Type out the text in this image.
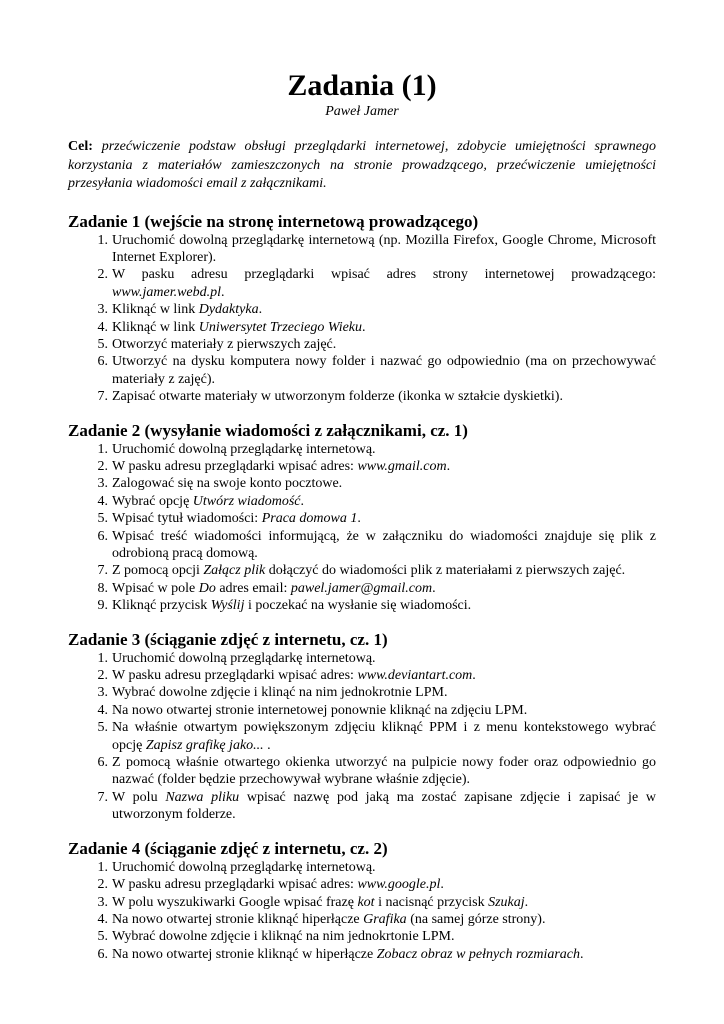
Zadania (1)

Paweł Jamer

Cel: przećwiczenie podstaw obsługi przeglądarki internetowej, zdobycie umiejętności sprawnego korzystania z materiałów zamieszczonych na stronie prowadzącego, przećwiczenie umiejętności przesyłania wiadomości email z załącznikami.

Zadanie 1 (wejście na stronę internetową prowadzącego)
1. Uruchomić dowolną przeglądarkę internetową (np. Mozilla Firefox, Google Chrome, Microsoft Internet Explorer).
2. W pasku adresu przeglądarki wpisać adres strony internetowej prowadzącego: www.jamer.webd.pl.
3. Kliknąć w link Dydaktyka.
4. Kliknąć w link Uniwersytet Trzeciego Wieku.
5. Otworzyć materiały z pierwszych zajęć.
6. Utworzyć na dysku komputera nowy folder i nazwać go odpowiednio (ma on przechowywać materiały z zajęć).
7. Zapisać otwarte materiały w utworzonym folderze (ikonka w ształcie dyskietki).
Zadanie 2 (wysyłanie wiadomości z załącznikami, cz. 1)
1. Uruchomić dowolną przeglądarkę internetową.
2. W pasku adresu przeglądarki wpisać adres: www.gmail.com.
3. Zalogować się na swoje konto pocztowe.
4. Wybrać opcję Utwórz wiadomość.
5. Wpisać tytuł wiadomości: Praca domowa 1.
6. Wpisać treść wiadomości informującą, że w załączniku do wiadomości znajduje się plik z odrobioną pracą domową.
7. Z pomocą opcji Załącz plik dołączyć do wiadomości plik z materiałami z pierwszych zajęć.
8. Wpisać w pole Do adres email: pawel.jamer@gmail.com.
9. Kliknąć przycisk Wyślij i poczekać na wysłanie się wiadomości.
Zadanie 3 (ściąganie zdjęć z internetu, cz. 1)
1. Uruchomić dowolną przeglądarkę internetową.
2. W pasku adresu przeglądarki wpisać adres: www.deviantart.com.
3. Wybrać dowolne zdjęcie i klinąć na nim jednokrotnie LPM.
4. Na nowo otwartej stronie internetowej ponownie kliknąć na zdjęciu LPM.
5. Na właśnie otwartym powiększonym zdjęciu kliknąć PPM i z menu kontekstowego wybrać opcję Zapisz grafikę jako... .
6. Z pomocą właśnie otwartego okienka utworzyć na pulpicie nowy foder oraz odpowiednio go nazwać (folder będzie przechowywał wybrane właśnie zdjęcie).
7. W polu Nazwa pliku wpisać nazwę pod jaką ma zostać zapisane zdjęcie i zapisać je w utworzonym folderze.
Zadanie 4 (ściąganie zdjęć z internetu, cz. 2)
1. Uruchomić dowolną przeglądarkę internetową.
2. W pasku adresu przeglądarki wpisać adres: www.google.pl.
3. W polu wyszukiwarki Google wpisać frazę kot i nacisnąć przycisk Szukaj.
4. Na nowo otwartej stronie kliknąć hiperłącze Grafika (na samej górze strony).
5. Wybrać dowolne zdjęcie i kliknąć na nim jednokrtonie LPM.
6. Na nowo otwartej stronie kliknąć w hiperłącze Zobacz obraz w pełnych rozmiarach.
